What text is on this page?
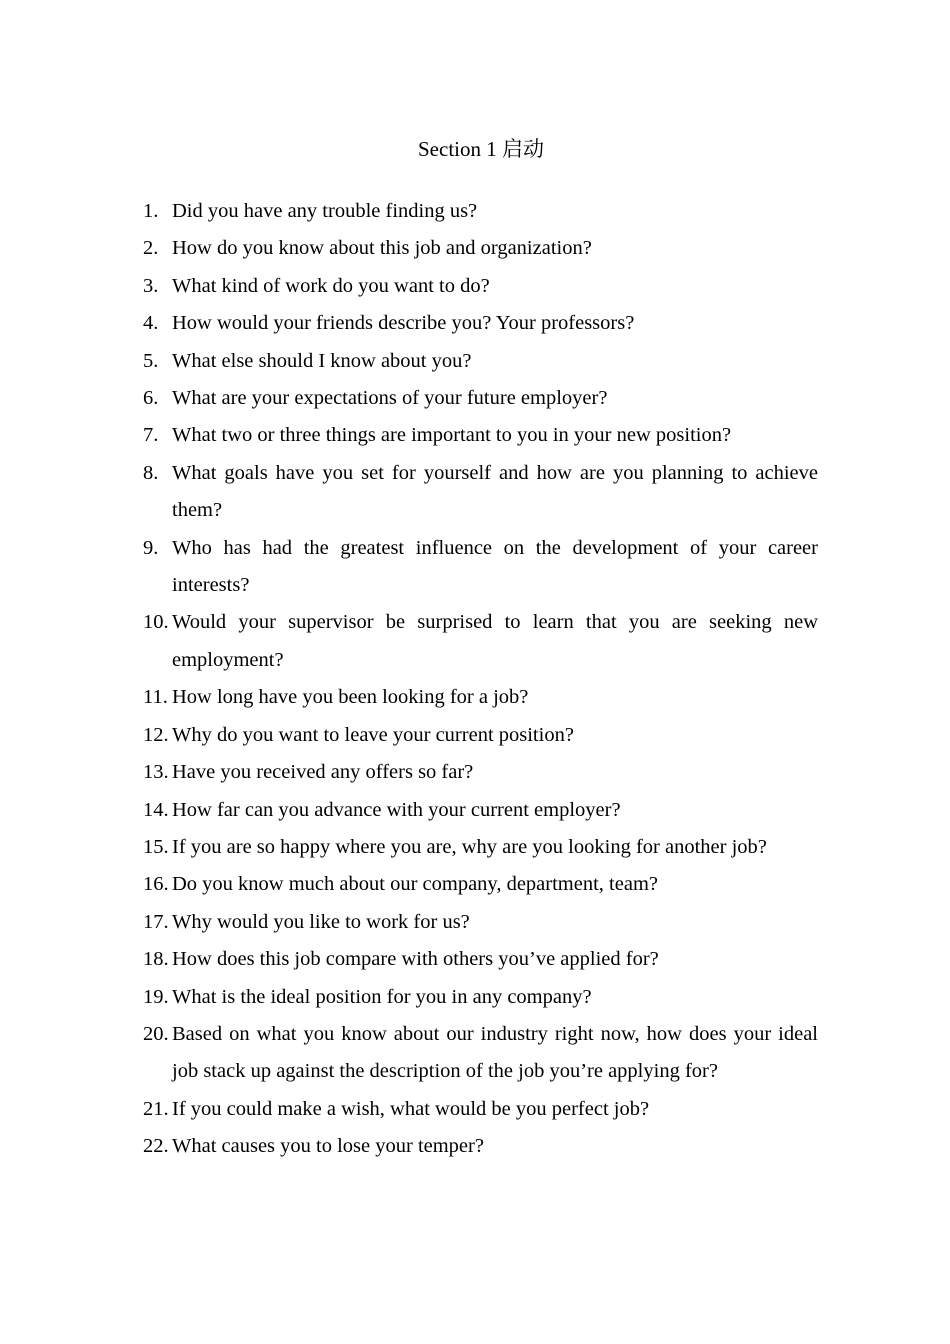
Section 1 启动
1. Did you have any trouble finding us?
2. How do you know about this job and organization?
3. What kind of work do you want to do?
4. How would your friends describe you? Your professors?
5. What else should I know about you?
6. What are your expectations of your future employer?
7. What two or three things are important to you in your new position?
8. What goals have you set for yourself and how are you planning to achieve them?
9. Who has had the greatest influence on the development of your career interests?
10. Would your supervisor be surprised to learn that you are seeking new employment?
11. How long have you been looking for a job?
12. Why do you want to leave your current position?
13. Have you received any offers so far?
14. How far can you advance with your current employer?
15. If you are so happy where you are, why are you looking for another job?
16. Do you know much about our company, department, team?
17. Why would you like to work for us?
18. How does this job compare with others you’ve applied for?
19. What is the ideal position for you in any company?
20. Based on what you know about our industry right now, how does your ideal job stack up against the description of the job you’re applying for?
21. If you could make a wish, what would be you perfect job?
22. What causes you to lose your temper?
